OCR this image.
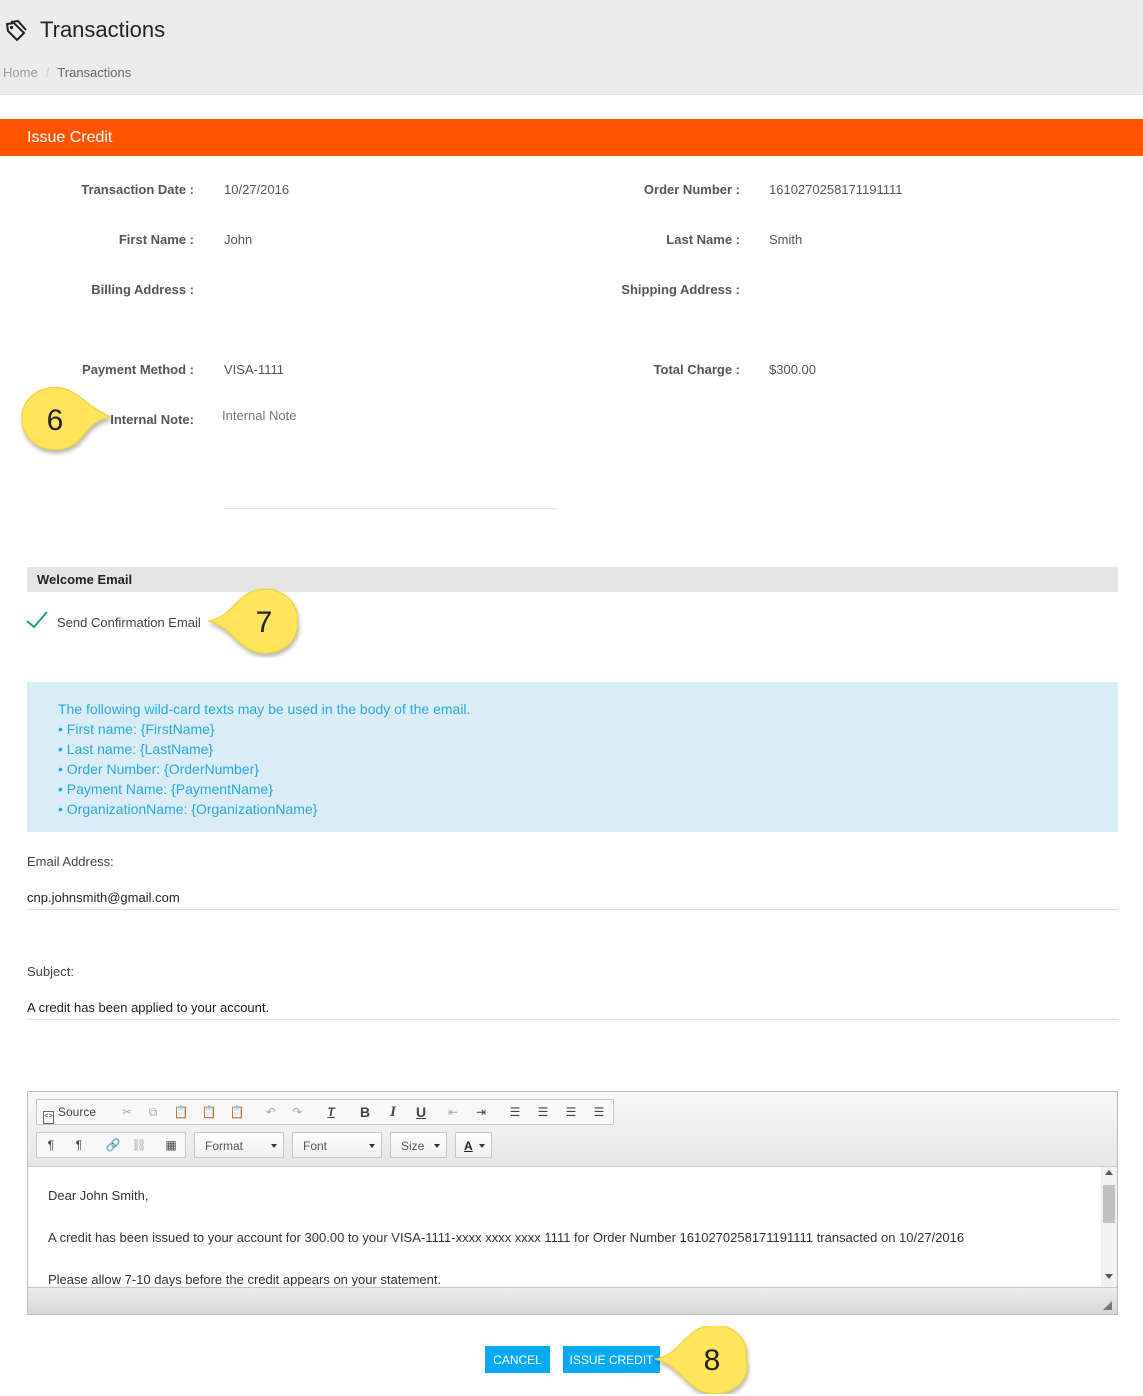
Transactions
Home / Transactions
Issue Credit
Transaction Date : 10/27/2016	Order Number : 1610270258171191111
First Name : John	Last Name : Smith
Billing Address :	Shipping Address :
Payment Method : VISA-1111	Total Charge : $300.00
Internal Note:
Internal Note
6
Welcome Email
Send Confirmation Email 7
The following wild-card texts may be used in the body of the email.
• First name: {FirstName}
• Last name: {LastName}
• Order Number: {OrderNumber}
• Payment Name: {PaymentName}
• OrganizationName: {OrganizationName}
Email Address:
cnp.johnsmith@gmail.com
Subject:
A credit has been applied to your account.
<> Source	✂	⧉	📋 📋 📋	↶	↷	T	B	I	U	⇤	⇥	☰	☰	☰	☰
¶	¶	🔗 ⛓	▦	Format	Font	Size	A

Dear John Smith,

A credit has been issued to your account for 300.00 to your VISA-1111-xxxx xxxx xxxx 1111 for Order Number 1610270258171191111 transacted on 10/27/2016

Please allow 7-10 days before the credit appears on your statement.

CANCEL	ISSUE CREDIT 8
